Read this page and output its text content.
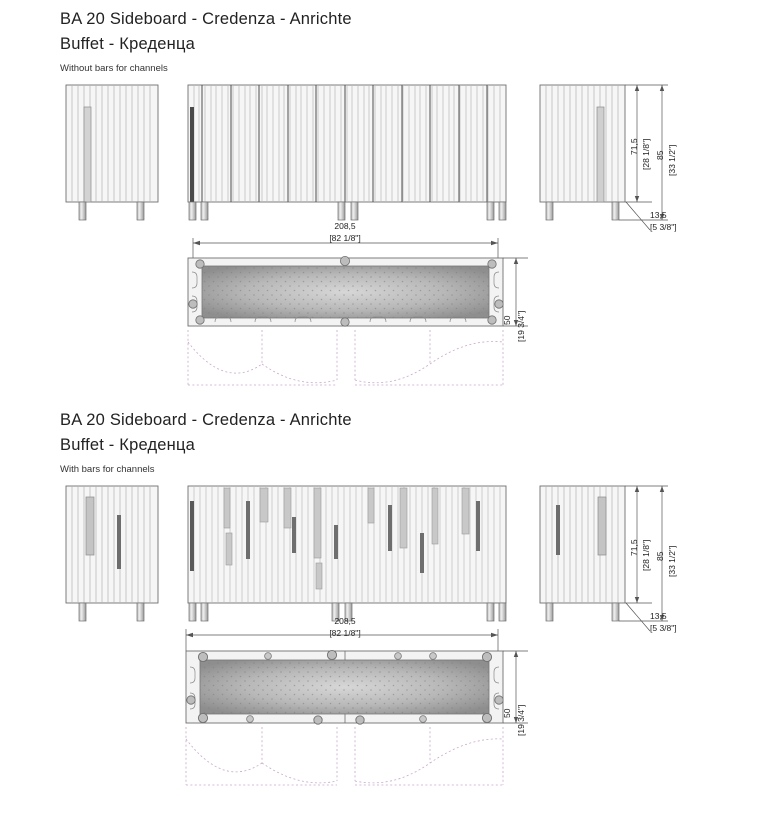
BA 20 Sideboard - Credenza - Anrichte
Buffet - Креденца
Without bars for channels
71,5 [28 1/8"] 85 [33 1/2"]
13,5
[5 3/8"]
208,5
[82 1/8"]
50 [19 3/4"]
BA 20 Sideboard - Credenza - Anrichte
Buffet - Креденца
With bars for channels
71,5 [28 1/8"] 85 [33 1/2"]
13,5
[5 3/8"]
208,5
[82 1/8"]
50 [19 3/4"]
